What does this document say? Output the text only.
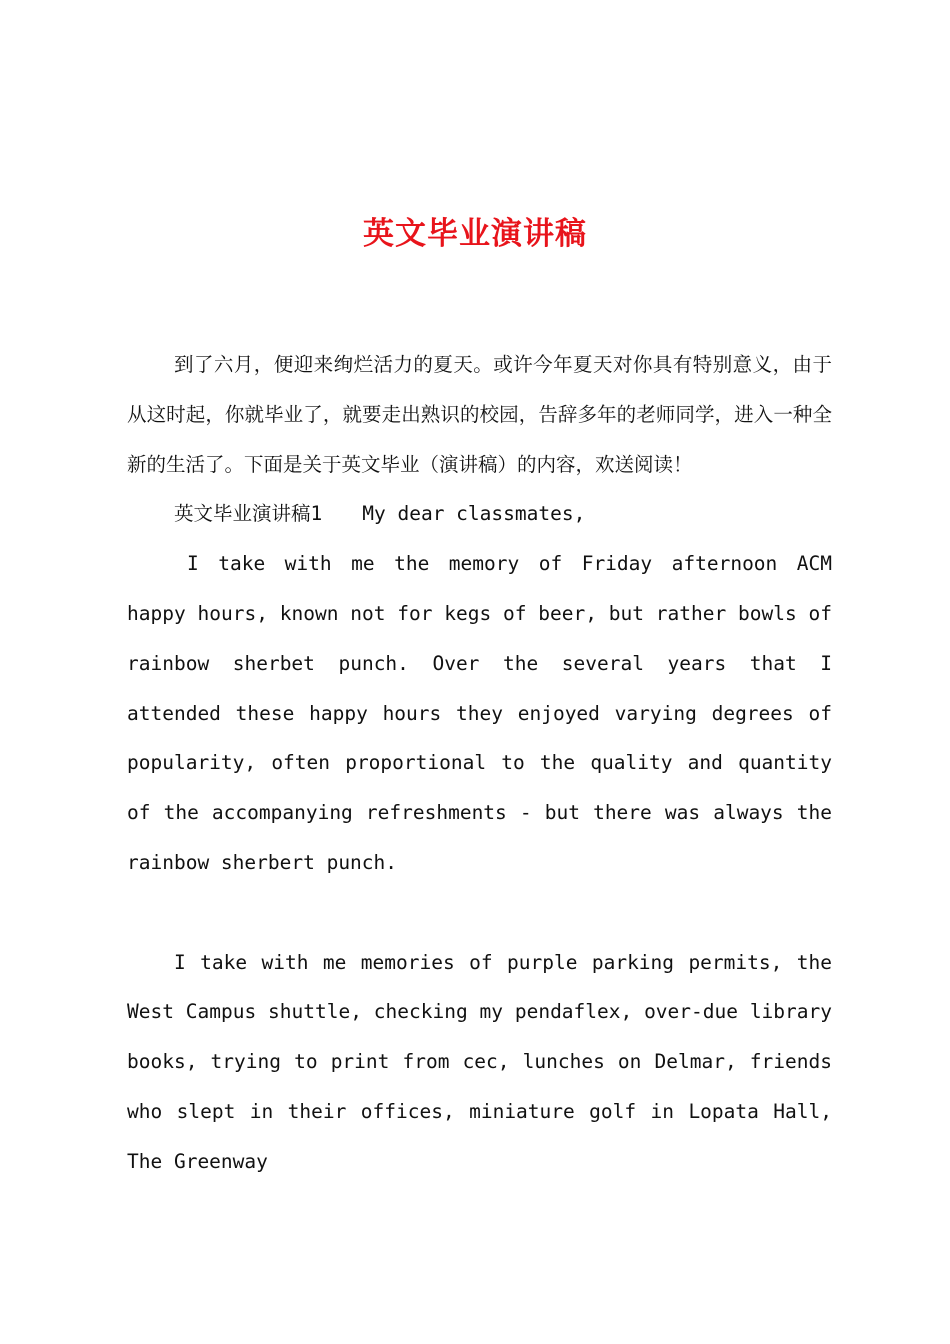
英文毕业演讲稿

到了六月，便迎来绚烂活力的夏天。或许今年夏天对你具有特别意义，由于从这时起，你就毕业了，就要走出熟识的校园，告辞多年的老师同学，进入一种全新的生活了。下面是关于英文毕业（演讲稿）的内容，欢送阅读！

英文毕业演讲稿1 My dear classmates,

I take with me the memory of Friday afternoon ACM happy hours, known not for kegs of beer, but rather bowls of rainbow sherbet punch. Over the several years that I attended these happy hours they enjoyed varying degrees of popularity, often proportional to the quality and quantity of the accompanying refreshments - but there was always the rainbow sherbert punch.

I take with me memories of purple parking permits, the West Campus shuttle, checking my pendaflex, over-due library books, trying to print from cec, lunches on Delmar, friends who slept in their offices, miniature golf in Lopata Hall, The Greenway
